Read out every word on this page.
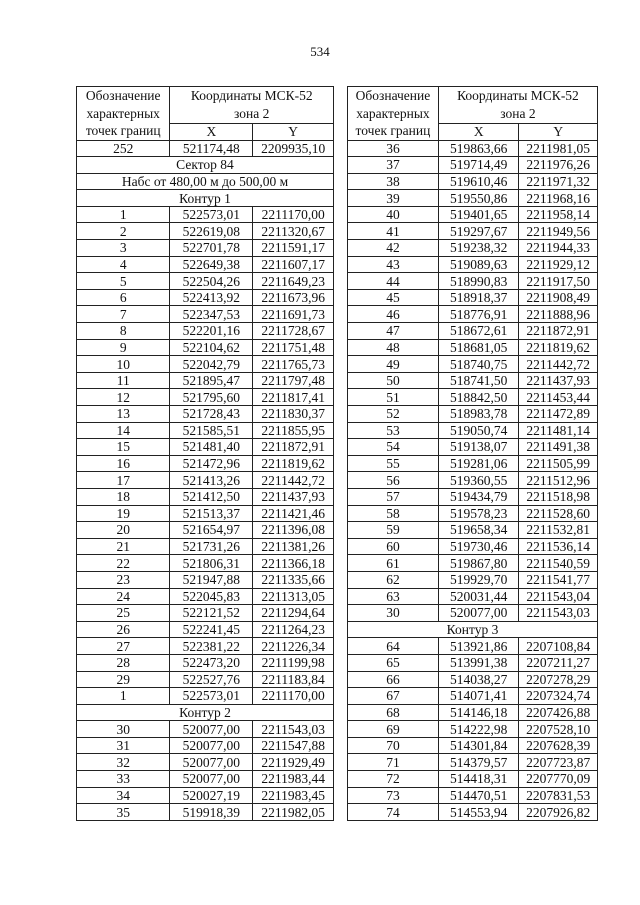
534
Обозначение
характерных
точек границ	Координаты МСК-52
зона 2	
	X	Y
252	521174,48	2209935,10
Сектор 84		
Набс от 480,00 м до 500,00 м		
Контур 1		
1	522573,01	2211170,00
2	522619,08	2211320,67
3	522701,78	2211591,17
4	522649,38	2211607,17
5	522504,26	2211649,23
6	522413,92	2211673,96
7	522347,53	2211691,73
8	522201,16	2211728,67
9	522104,62	2211751,48
10	522042,79	2211765,73
11	521895,47	2211797,48
12	521795,60	2211817,41
13	521728,43	2211830,37
14	521585,51	2211855,95
15	521481,40	2211872,91
16	521472,96	2211819,62
17	521413,26	2211442,72
18	521412,50	2211437,93
19	521513,37	2211421,46
20	521654,97	2211396,08
21	521731,26	2211381,26
22	521806,31	2211366,18
23	521947,88	2211335,66
24	522045,83	2211313,05
25	522121,52	2211294,64
26	522241,45	2211264,23
27	522381,22	2211226,34
28	522473,20	2211199,98
29	522527,76	2211183,84
1	522573,01	2211170,00
Контур 2		
30	520077,00	2211543,03
31	520077,00	2211547,88
32	520077,00	2211929,49
33	520077,00	2211983,44
34	520027,19	2211983,45
35	519918,39	2211982,05
Обозначение
характерных
точек границ	Координаты МСК-52
зона 2	
	X	Y
36	519863,66	2211981,05
37	519714,49	2211976,26
38	519610,46	2211971,32
39	519550,86	2211968,16
40	519401,65	2211958,14
41	519297,67	2211949,56
42	519238,32	2211944,33
43	519089,63	2211929,12
44	518990,83	2211917,50
45	518918,37	2211908,49
46	518776,91	2211888,96
47	518672,61	2211872,91
48	518681,05	2211819,62
49	518740,75	2211442,72
50	518741,50	2211437,93
51	518842,50	2211453,44
52	518983,78	2211472,89
53	519050,74	2211481,14
54	519138,07	2211491,38
55	519281,06	2211505,99
56	519360,55	2211512,96
57	519434,79	2211518,98
58	519578,23	2211528,60
59	519658,34	2211532,81
60	519730,46	2211536,14
61	519867,80	2211540,59
62	519929,70	2211541,77
63	520031,44	2211543,04
30	520077,00	2211543,03
Контур 3		
64	513921,86	2207108,84
65	513991,38	2207211,27
66	514038,27	2207278,29
67	514071,41	2207324,74
68	514146,18	2207426,88
69	514222,98	2207528,10
70	514301,84	2207628,39
71	514379,57	2207723,87
72	514418,31	2207770,09
73	514470,51	2207831,53
74	514553,94	2207926,82
